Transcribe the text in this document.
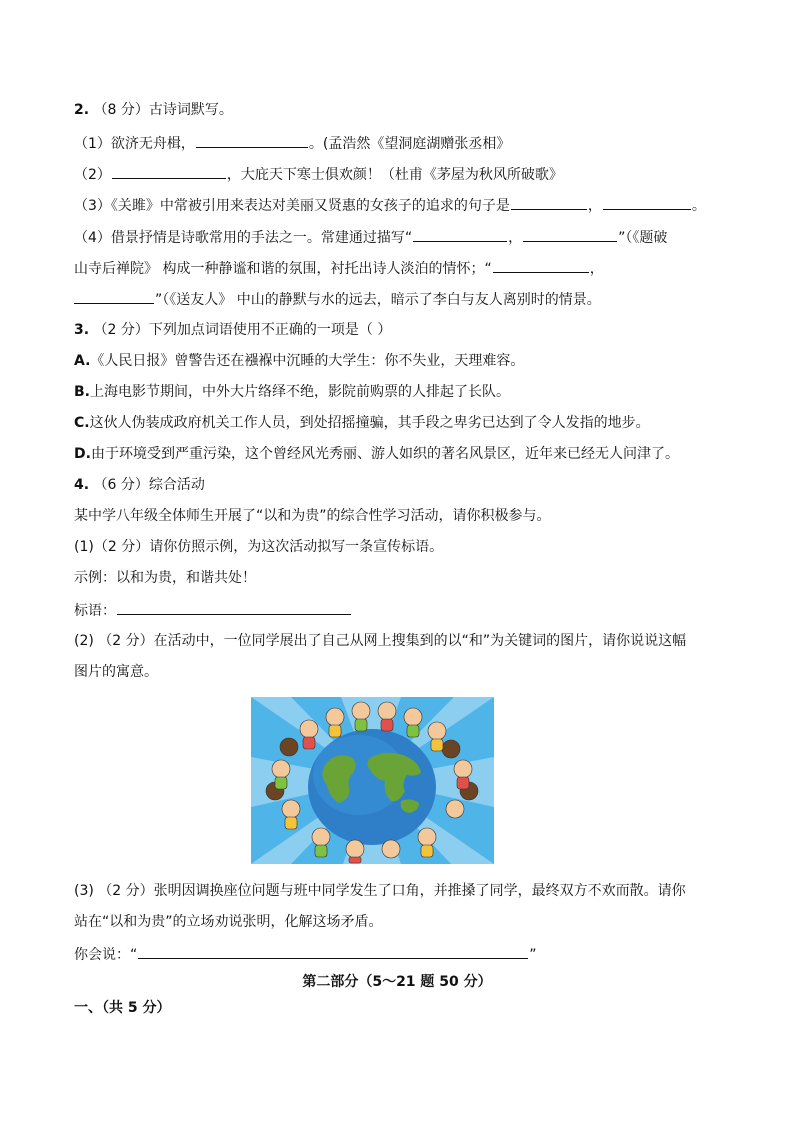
2. （8 分）古诗词默写。
（1）欲济无舟楫，	。(孟浩然《望洞庭湖赠张丞相》
（2）	，大庇天下寒士俱欢颜！（杜甫《茅屋为秋风所破歌》
（3）《关雎》中常被引用来表达对美丽又贤惠的女孩子的追求的句子是	，	。
（4）借景抒情是诗歌常用的手法之一。常建通过描写“	，	”（《题破
山寺后禅院》 构成一种静谧和谐的氛围，衬托出诗人淡泊的情怀；“	，
”（《送友人》 中山的静默与水的远去，暗示了李白与友人离别时的情景。
3. （2 分）下列加点词语使用不正确的一项是（ ）
A.《人民日报》曾警告还在襁褓中沉睡的大学生：你不失业，天理难容。
B.上海电影节期间，中外大片络绎不绝，影院前购票的人排起了长队。
C.这伙人伪装成政府机关工作人员，到处招摇撞骗，其手段之卑劣已达到了令人发指的地步。
D.由于环境受到严重污染，这个曾经风光秀丽、游人如织的著名风景区，近年来已经无人问津了。
4. （6 分）综合活动
某中学八年级全体师生开展了“以和为贵”的综合性学习活动，请你积极参与。
(1)（2 分）请你仿照示例，为这次活动拟写一条宣传标语。
示例：以和为贵，和谐共处！
标语：
(2) （2 分）在活动中，一位同学展出了自己从网上搜集到的以“和”为关键词的图片，请你说说这幅
图片的寓意。
(3) （2 分）张明因调换座位问题与班中同学发生了口角，并推搡了同学，最终双方不欢而散。请你
站在“以和为贵”的立场劝说张明，化解这场矛盾。
你会说：“	”
第二部分（5～21 题 50 分）
一、（共 5 分）
